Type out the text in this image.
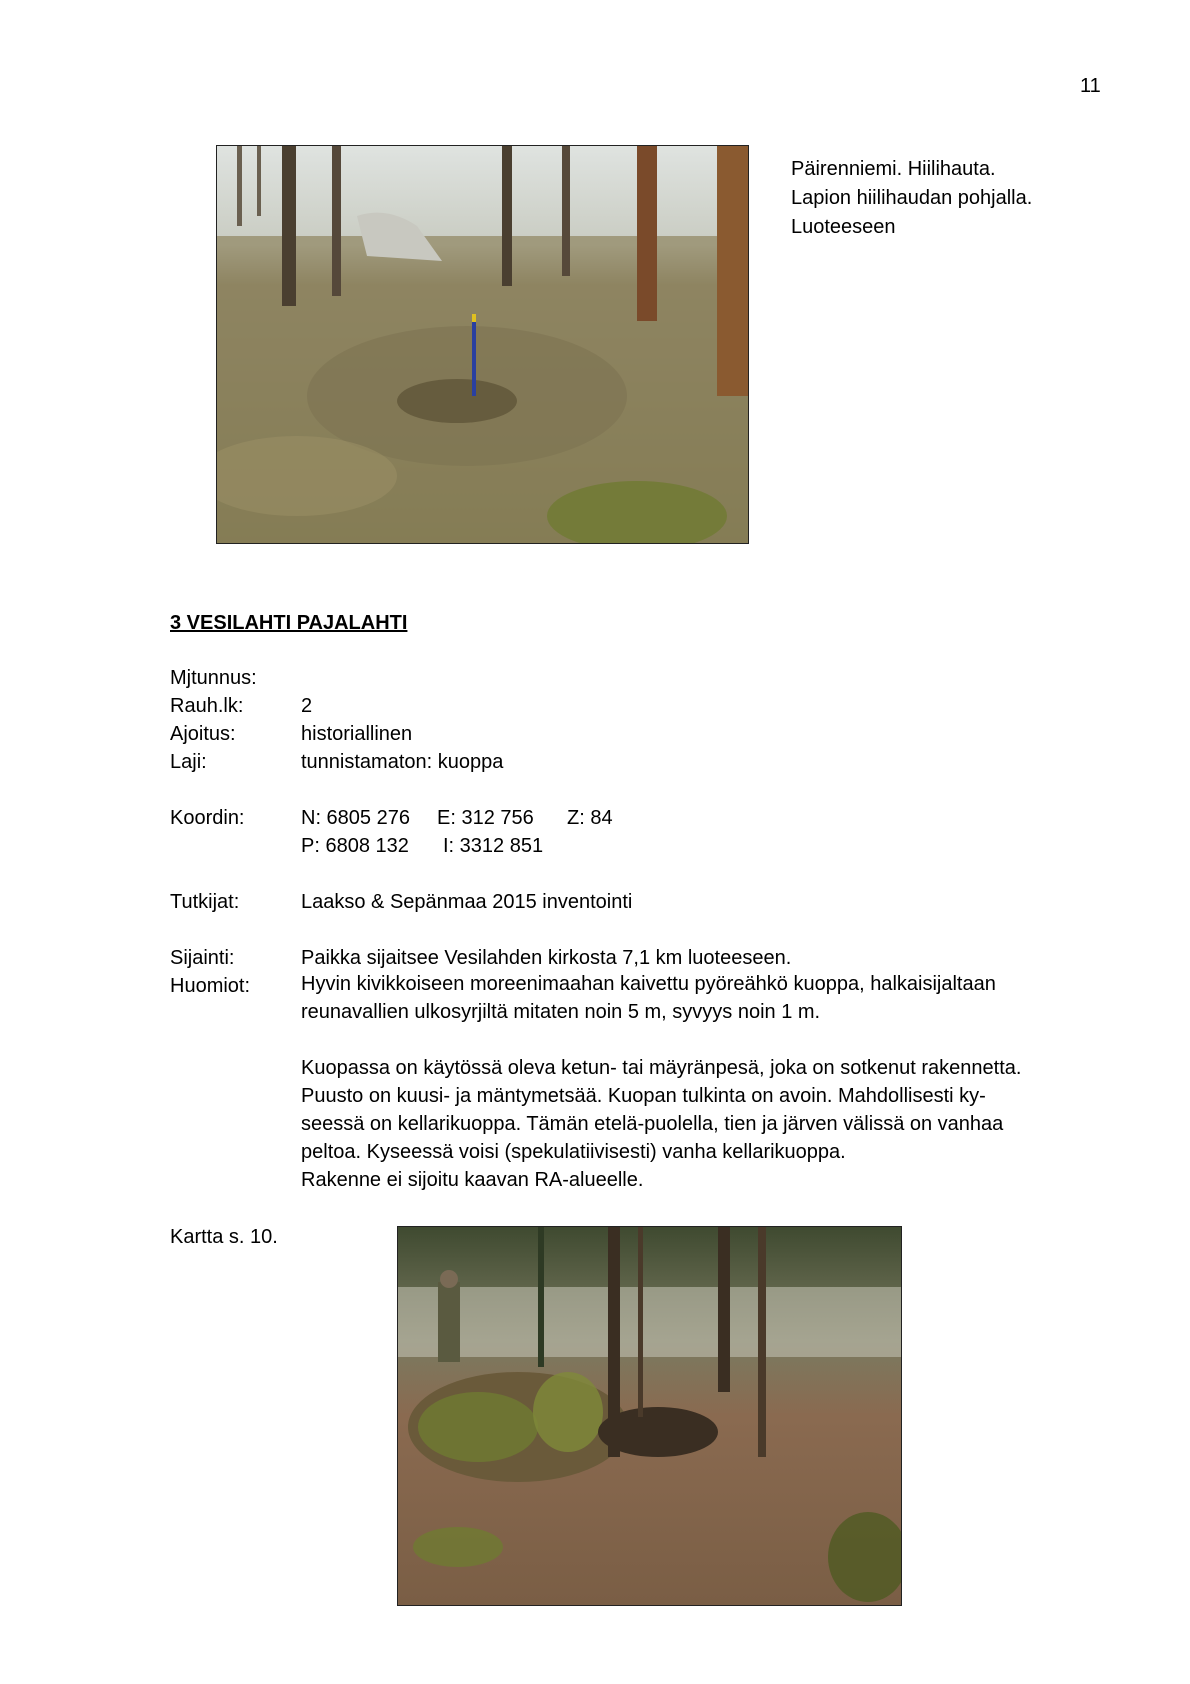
11
Päirenniemi. Hiilihauta.
Lapion hiilihaudan pohjalla.
Luoteeseen
3 VESILAHTI PAJALAHTI
Mjtunnus:
Rauh.lk:	2
Ajoitus:	historiallinen
Laji:	tunnistamaton: kuoppa
Koordin:	N: 6805 276 E: 312 756 Z: 84
P: 6808 132 I: 3312 851
Tutkijat:	Laakso & Sepänmaa 2015 inventointi
Sijainti:	Paikka sijaitsee Vesilahden kirkosta 7,1 km luoteeseen.
Huomiot:	Hyvin kivikkoiseen moreenimaahan kaivettu pyöreähkö kuoppa, halkaisijaltaan
reunavallien ulkosyrjiltä mitaten noin 5 m, syvyys noin 1 m.
Kuopassa on käytössä oleva ketun- tai mäyränpesä, joka on sotkenut rakennetta.
Puusto on kuusi- ja mäntymetsää. Kuopan tulkinta on avoin. Mahdollisesti ky-
seessä on kellarikuoppa. Tämän etelä-puolella, tien ja järven välissä on vanhaa
peltoa. Kyseessä voisi (spekulatiivisesti) vanha kellarikuoppa.
Rakenne ei sijoitu kaavan RA-alueelle.
Kartta s. 10.
